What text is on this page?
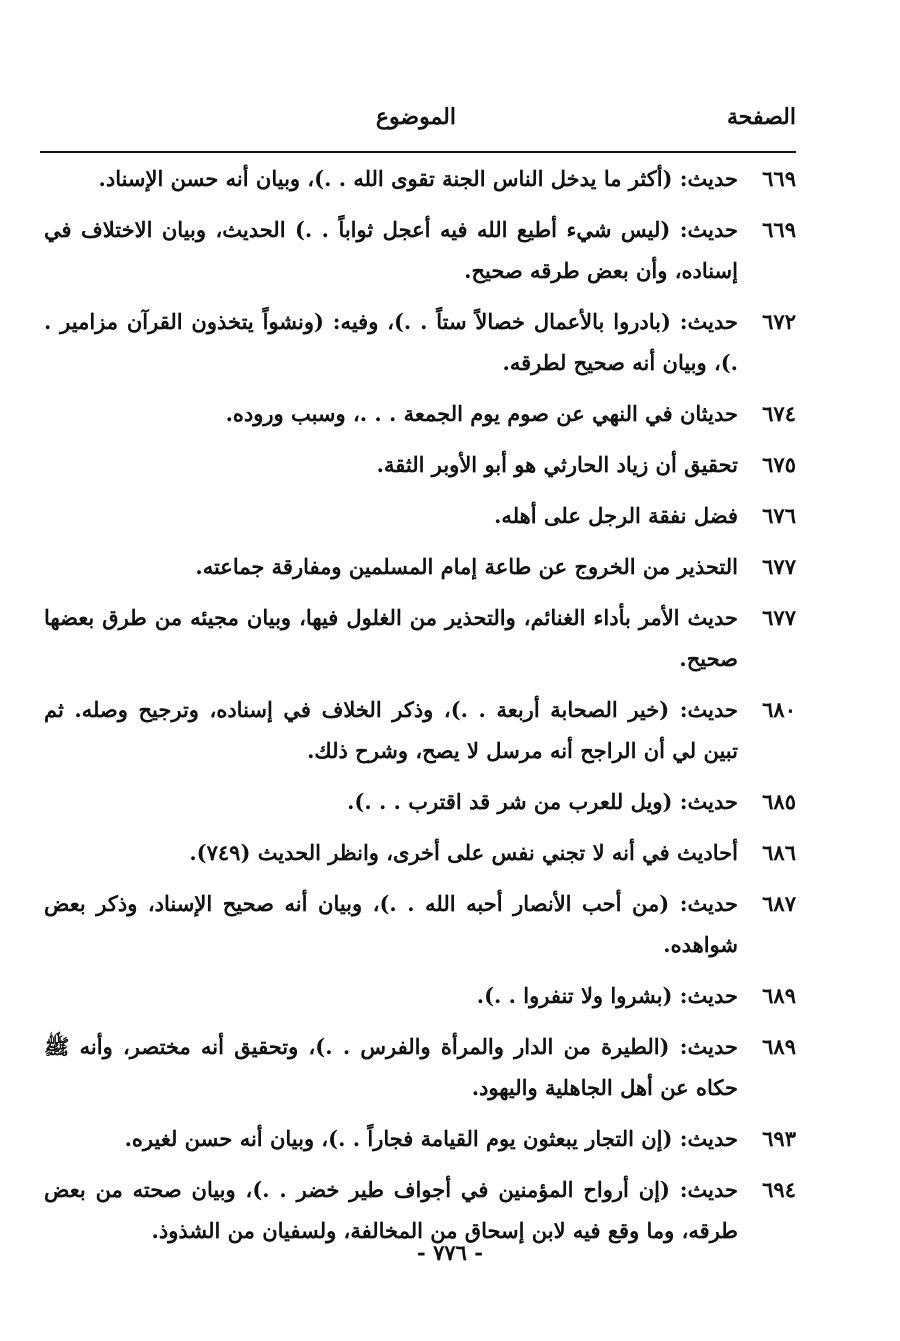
الصفحة
الموضوع
٦٦٩
حديث: (أكثر ما يدخل الناس الجنة تقوى الله . .)، وبيان أنه حسن الإسناد.
٦٦٩
حديث: (ليس شيء أطيع الله فيه أعجل ثواباً . .) الحديث، وبيان الاختلاف في إسناده، وأن بعض طرقه صحيح.
٦٧٢
حديث: (بادروا بالأعمال خصالاً ستاً . .)، وفيه: (ونشواً يتخذون القرآن مزامير . .)، وبيان أنه صحيح لطرقه.
٦٧٤
حديثان في النهي عن صوم يوم الجمعة . . .، وسبب وروده.
٦٧٥
تحقيق أن زياد الحارثي هو أبو الأوبر الثقة.
٦٧٦
فضل نفقة الرجل على أهله.
٦٧٧
التحذير من الخروج عن طاعة إمام المسلمين ومفارقة جماعته.
٦٧٧
حديث الأمر بأداء الغنائم، والتحذير من الغلول فيها، وبيان مجيئه من طرق بعضها صحيح.
٦٨٠
حديث: (خير الصحابة أربعة . .)، وذكر الخلاف في إسناده، وترجيح وصله. ثم تبين لي أن الراجح أنه مرسل لا يصح، وشرح ذلك.
٦٨٥
حديث: (ويل للعرب من شر قد اقترب . . .).
٦٨٦
أحاديث في أنه لا تجني نفس على أخرى، وانظر الحديث (٧٤٩).
٦٨٧
حديث: (من أحب الأنصار أحبه الله . .)، وبيان أنه صحيح الإسناد، وذكر بعض شواهده.
٦٨٩
حديث: (بشروا ولا تنفروا . .).
٦٨٩
حديث: (الطيرة من الدار والمرأة والفرس . .)، وتحقيق أنه مختصر، وأنه ﷺ حكاه عن أهل الجاهلية واليهود.
٦٩٣
حديث: (إن التجار يبعثون يوم القيامة فجاراً . .)، وبيان أنه حسن لغيره.
٦٩٤
حديث: (إن أرواح المؤمنين في أجواف طير خضر . .)، وبيان صحته من بعض طرقه، وما وقع فيه لابن إسحاق من المخالفة، ولسفيان من الشذوذ.
- ٧٧٦ -
